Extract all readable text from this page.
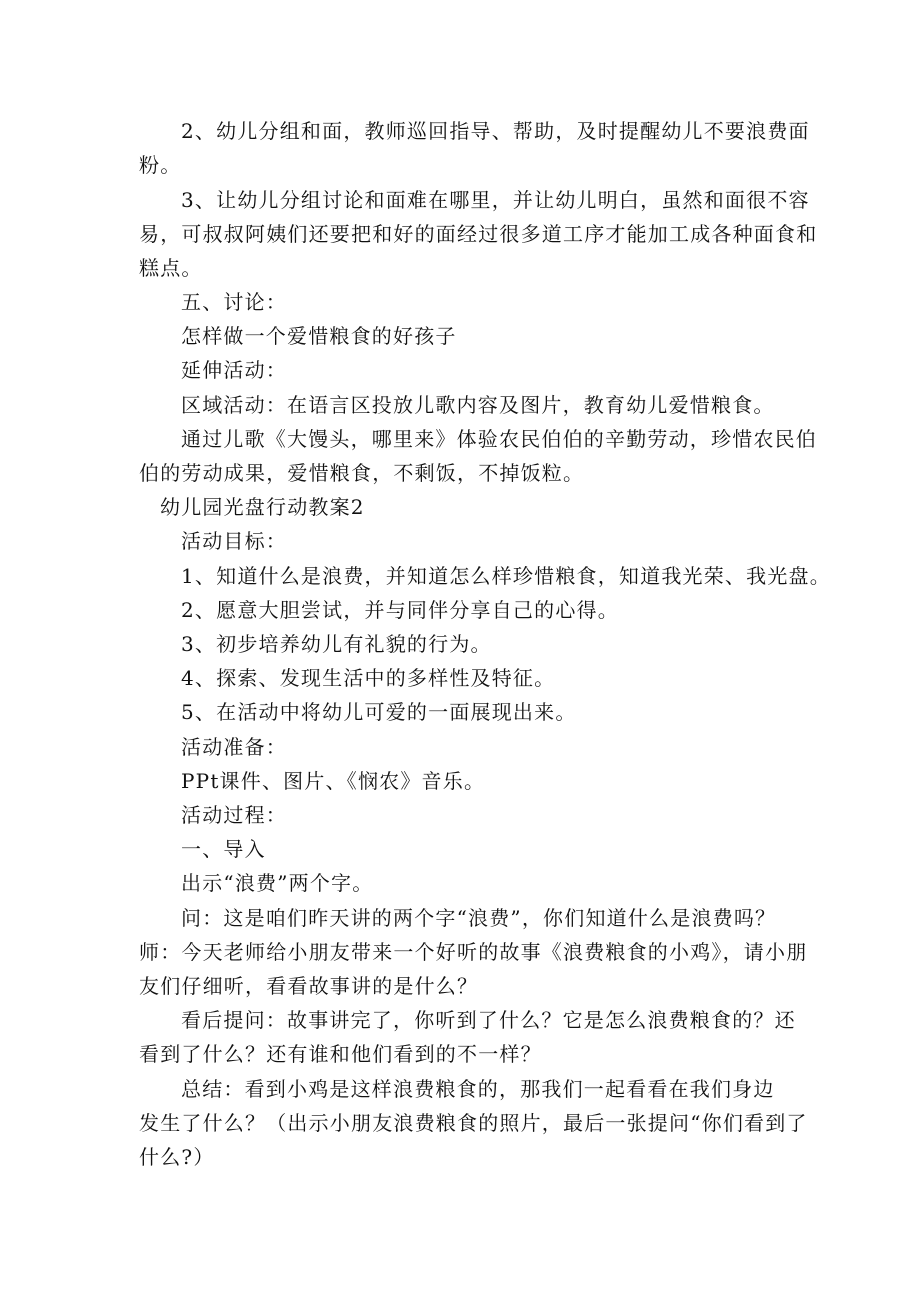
2、幼儿分组和面，教师巡回指导、帮助，及时提醒幼儿不要浪费面
粉。
3、让幼儿分组讨论和面难在哪里，并让幼儿明白，虽然和面很不容
易，可叔叔阿姨们还要把和好的面经过很多道工序才能加工成各种面食和
糕点。
五、讨论：
怎样做一个爱惜粮食的好孩子
延伸活动：
区域活动：在语言区投放儿歌内容及图片，教育幼儿爱惜粮食。
通过儿歌《大馒头，哪里来》体验农民伯伯的辛勤劳动，珍惜农民伯
伯的劳动成果，爱惜粮食，不剩饭，不掉饭粒。
幼儿园光盘行动教案2
活动目标：
1、知道什么是浪费，并知道怎么样珍惜粮食，知道我光荣、我光盘。
2、愿意大胆尝试，并与同伴分享自己的心得。
3、初步培养幼儿有礼貌的行为。
4、探索、发现生活中的多样性及特征。
5、在活动中将幼儿可爱的一面展现出来。
活动准备：
PPt课件、图片、《悯农》音乐。
活动过程：
一、导入
出示“浪费”两个字。
问：这是咱们昨天讲的两个字“浪费”，你们知道什么是浪费吗？
师：今天老师给小朋友带来一个好听的故事《浪费粮食的小鸡》，请小朋
友们仔细听，看看故事讲的是什么？
看后提问：故事讲完了，你听到了什么？它是怎么浪费粮食的？还
看到了什么？还有谁和他们看到的不一样？
总结：看到小鸡是这样浪费粮食的，那我们一起看看在我们身边
发生了什么？（出示小朋友浪费粮食的照片，最后一张提问“你们看到了
什么?）
